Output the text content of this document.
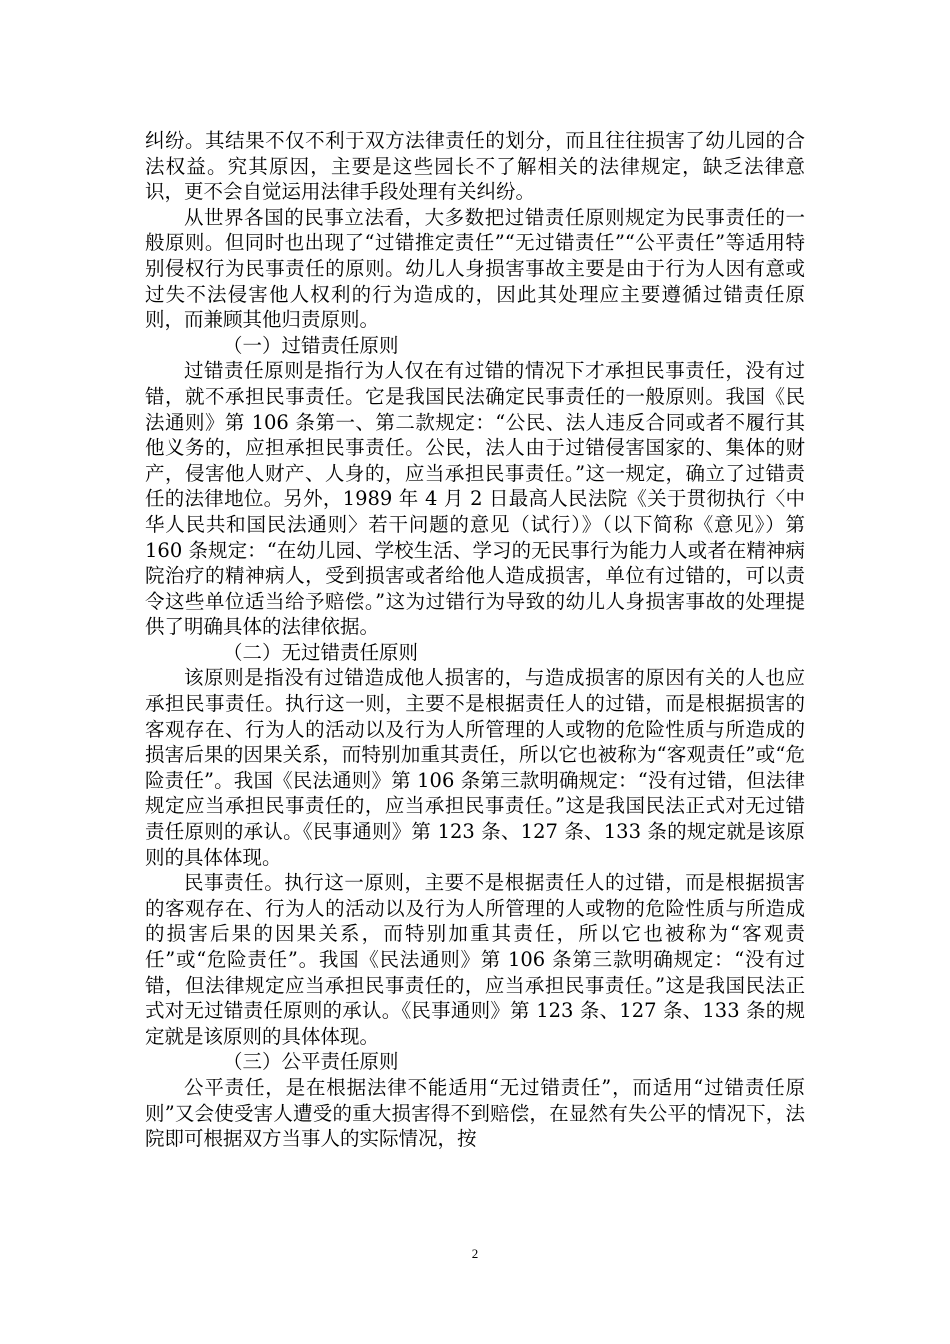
纠纷。其结果不仅不利于双方法律责任的划分，而且往往损害了幼儿园的合法权益。究其原因，主要是这些园长不了解相关的法律规定，缺乏法律意识，更不会自觉运用法律手段处理有关纠纷。

从世界各国的民事立法看，大多数把过错责任原则规定为民事责任的一般原则。但同时也出现了“过错推定责任”“无过错责任”“公平责任”等适用特别侵权行为民事责任的原则。幼儿人身损害事故主要是由于行为人因有意或过失不法侵害他人权利的行为造成的，因此其处理应主要遵循过错责任原则，而兼顾其他归责原则。

（一）过错责任原则

过错责任原则是指行为人仅在有过错的情况下才承担民事责任，没有过错，就不承担民事责任。它是我国民法确定民事责任的一般原则。我国《民法通则》第 106 条第一、第二款规定：“公民、法人违反合同或者不履行其他义务的，应担承担民事责任。公民，法人由于过错侵害国家的、集体的财产，侵害他人财产、人身的，应当承担民事责任。”这一规定，确立了过错责任的法律地位。另外，1989 年 4 月 2 日最高人民法院《关于贯彻执行〈中华人民共和国民法通则〉若干问题的意见（试行）》（以下简称《意见》）第 160 条规定：“在幼儿园、学校生活、学习的无民事行为能力人或者在精神病院治疗的精神病人，受到损害或者给他人造成损害，单位有过错的，可以责令这些单位适当给予赔偿。”这为过错行为导致的幼儿人身损害事故的处理提供了明确具体的法律依据。

（二）无过错责任原则

该原则是指没有过错造成他人损害的，与造成损害的原因有关的人也应承担民事责任。执行这一则，主要不是根据责任人的过错，而是根据损害的客观存在、行为人的活动以及行为人所管理的人或物的危险性质与所造成的损害后果的因果关系，而特别加重其责任，所以它也被称为“客观责任”或“危险责任”。我国《民法通则》第 106 条第三款明确规定：“没有过错，但法律规定应当承担民事责任的，应当承担民事责任。”这是我国民法正式对无过错责任原则的承认。《民事通则》第 123 条、127 条、133 条的规定就是该原则的具体体现。

民事责任。执行这一原则，主要不是根据责任人的过错，而是根据损害的客观存在、行为人的活动以及行为人所管理的人或物的危险性质与所造成的损害后果的因果关系，而特别加重其责任，所以它也被称为“客观责任”或“危险责任”。我国《民法通则》第 106 条第三款明确规定：“没有过错，但法律规定应当承担民事责任的，应当承担民事责任。”这是我国民法正式对无过错责任原则的承认。《民事通则》第 123 条、127 条、133 条的规定就是该原则的具体体现。

（三）公平责任原则

公平责任，是在根据法律不能适用“无过错责任”，而适用“过错责任原则”又会使受害人遭受的重大损害得不到赔偿，在显然有失公平的情况下，法院即可根据双方当事人的实际情况，按

2
